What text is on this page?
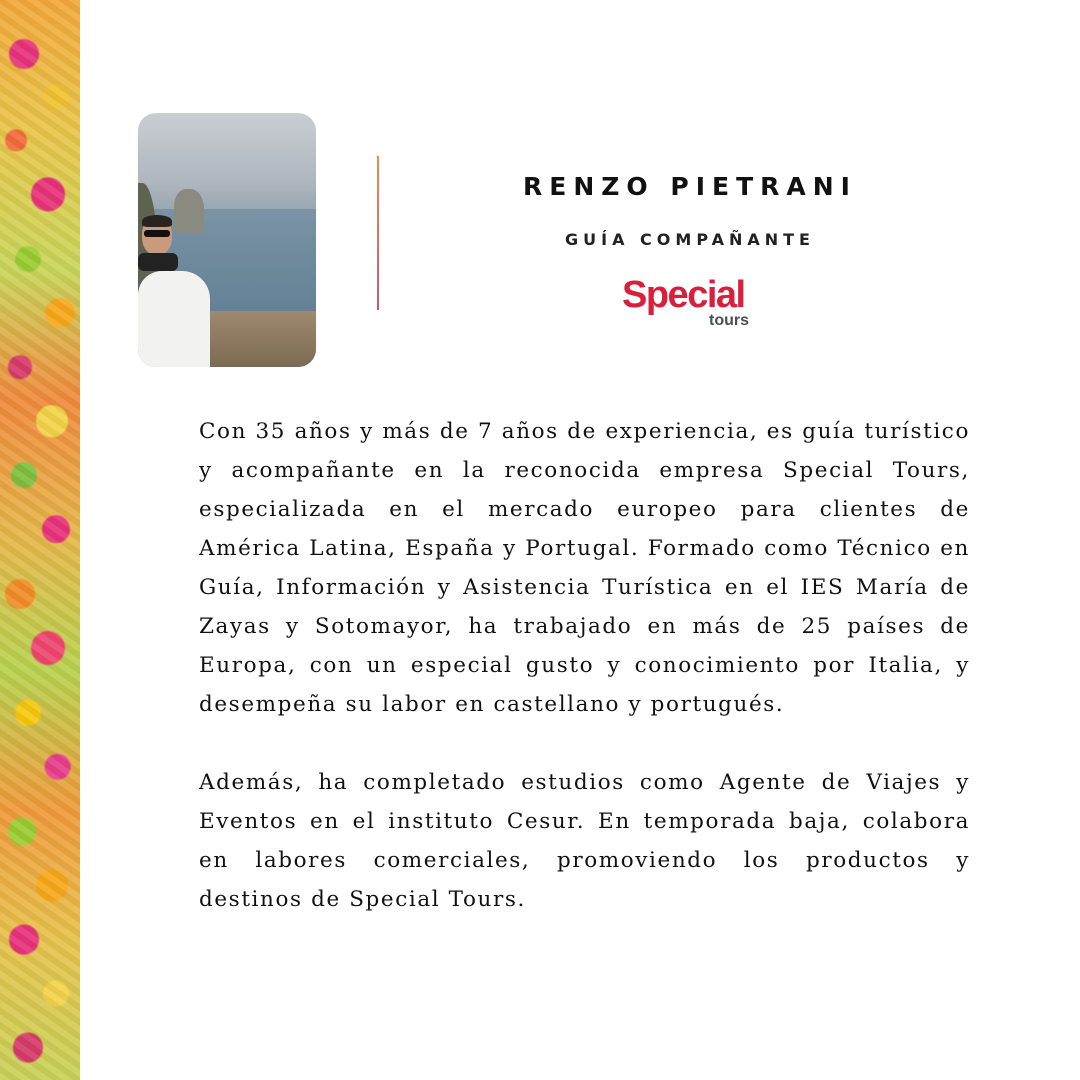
RENZO PIETRANI
GUÍA COMPAÑANTE
Special
tours

Con 35 años y más de 7 años de experiencia, es guía turístico y acompañante en la reconocida empresa Special Tours, especializada en el mercado europeo para clientes de América Latina, España y Portugal. Formado como Técnico en Guía, Información y Asistencia Turística en el IES María de Zayas y Sotomayor, ha trabajado en más de 25 países de Europa, con un especial gusto y conocimiento por Italia, y desempeña su labor en castellano y portugués.

Además, ha completado estudios como Agente de Viajes y Eventos en el instituto Cesur. En temporada baja, colabora en labores comerciales, promoviendo los productos y destinos de Special Tours.
